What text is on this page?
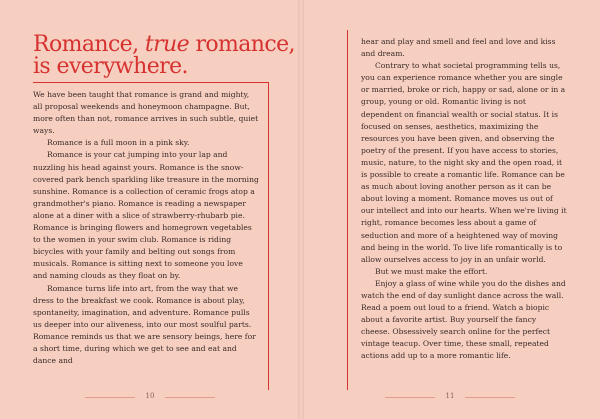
Romance, true romance,
is everywhere.

We have been taught that romance is grand and mighty, all proposal weekends and honeymoon champagne. But, more often than not, romance arrives in such subtle, quiet ways.

Romance is a full moon in a pink sky.

Romance is your cat jumping into your lap and nuzzling his head against yours. Romance is the snow-covered park bench sparkling like treasure in the morning sunshine. Romance is a collection of ceramic frogs atop a grandmother's piano. Romance is reading a newspaper alone at a diner with a slice of strawberry-rhubarb pie. Romance is bringing flowers and homegrown vegetables to the women in your swim club. Romance is riding bicycles with your family and belting out songs from musicals. Romance is sitting next to someone you love and naming clouds as they float on by.

Romance turns life into art, from the way that we dress to the breakfast we cook. Romance is about play, spontaneity, imagination, and adventure. Romance pulls us deeper into our aliveness, into our most soulful parts. Romance reminds us that we are sensory beings, here for a short time, during which we get to see and eat and dance and

10

hear and play and smell and feel and love and kiss and dream.

Contrary to what societal programming tells us, you can experience romance whether you are single or married, broke or rich, happy or sad, alone or in a group, young or old. Romantic living is not dependent on financial wealth or social status. It is focused on senses, aesthetics, maximizing the resources you have been given, and observing the poetry of the present. If you have access to stories, music, nature, to the night sky and the open road, it is possible to create a romantic life. Romance can be as much about loving another person as it can be about loving a moment. Romance moves us out of our intellect and into our hearts. When we're living it right, romance becomes less about a game of seduction and more of a heightened way of moving and being in the world. To live life romantically is to allow ourselves access to joy in an unfair world.

But we must make the effort.

Enjoy a glass of wine while you do the dishes and watch the end of day sunlight dance across the wall. Read a poem out loud to a friend. Watch a biopic about a favorite artist. Buy yourself the fancy cheese. Obsessively search online for the perfect vintage teacup. Over time, these small, repeated actions add up to a more romantic life.

11
